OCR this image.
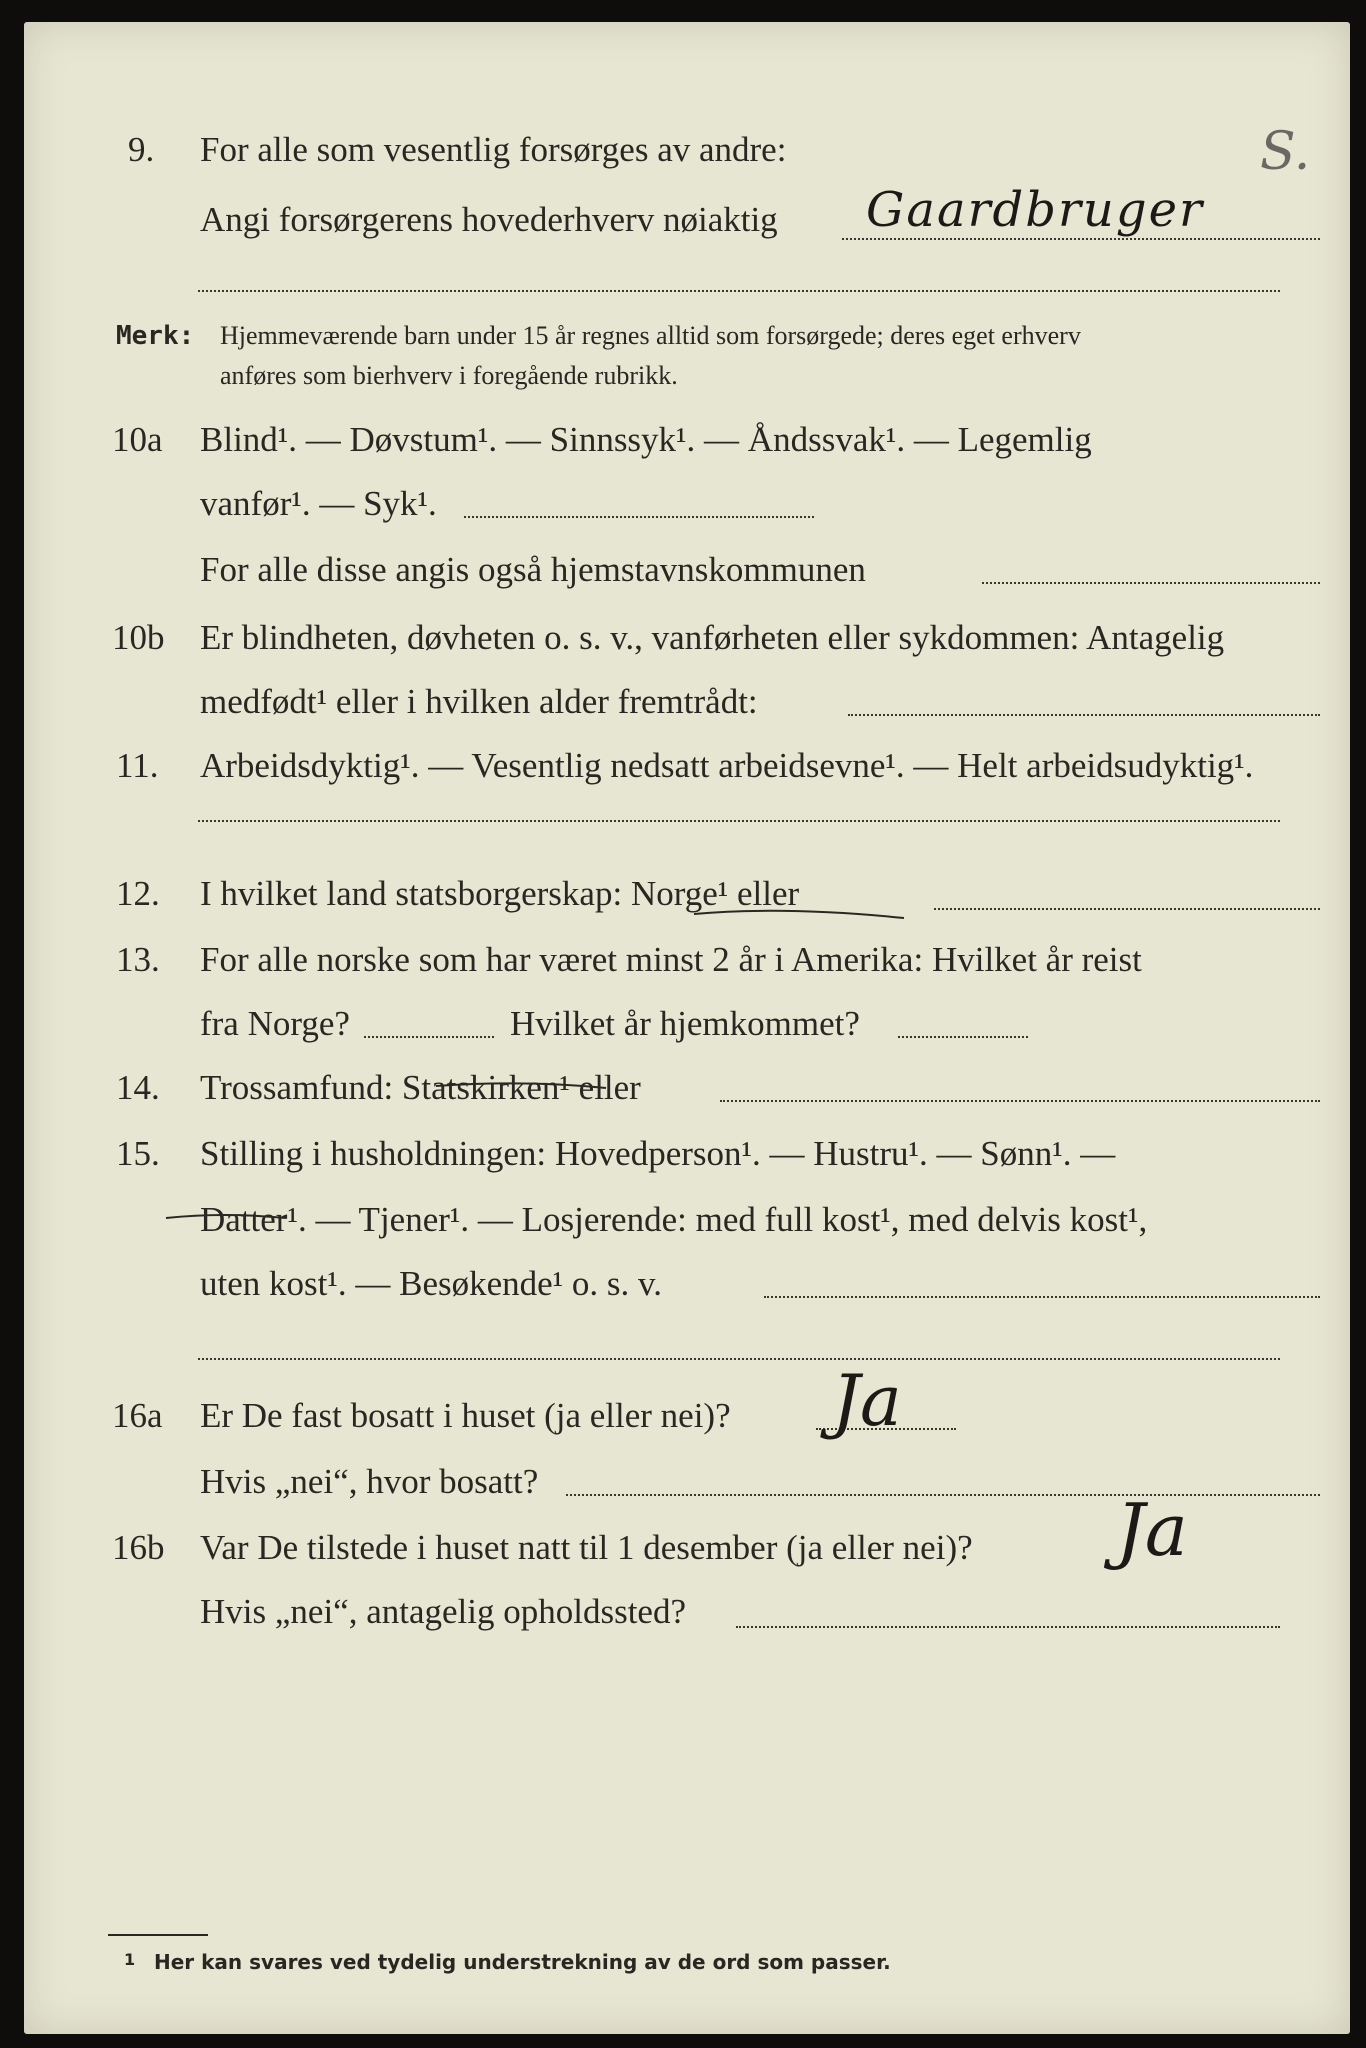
S.
9. For alle som vesentlig forsørges av andre:
Angi forsørgerens hovederhverv nøiaktig Gaardbruger
Merk: Hjemmeværende barn under 15 år regnes alltid som forsørgede; deres eget erhverv
anføres som bierhverv i foregående rubrikk.
10a Blind¹. — Døvstum¹. — Sinnssyk¹. — Åndssvak¹. — Legemlig
vanfør¹. — Syk¹.
For alle disse angis også hjemstavnskommunen
10b Er blindheten, døvheten o. s. v., vanførheten eller sykdommen: Antagelig
medfødt¹ eller i hvilken alder fremtrådt:
11. Arbeidsdyktig¹. — Vesentlig nedsatt arbeidsevne¹. — Helt arbeidsudyktig¹.
12. I hvilket land statsborgerskap: Norge¹ eller
13. For alle norske som har været minst 2 år i Amerika: Hvilket år reist
fra Norge?	Hvilket år hjemkommet?
14. Trossamfund: Statskirken¹ eller
15. Stilling i husholdningen: Hovedperson¹. — Hustru¹. — Sønn¹. —
Datter¹. — Tjener¹. — Losjerende: med full kost¹, med delvis kost¹,
uten kost¹. — Besøkende¹ o. s. v.
16a Er De fast bosatt i huset (ja eller nei)? Ja
Hvis „nei“, hvor bosatt?
16b Var De tilstede i huset natt til 1 desember (ja eller nei)? Ja
Hvis „nei“, antagelig opholdssted?
1 Her kan svares ved tydelig understrekning av de ord som passer.
